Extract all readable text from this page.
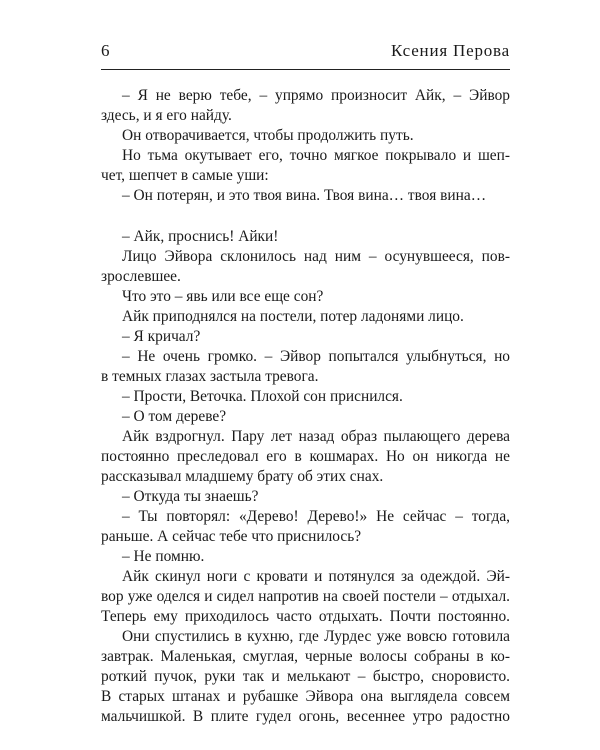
6	Ксения Перова
– Я не верю тебе, – упрямо произносит Айк, – Эйвор
здесь, и я его найду.
Он отворачивается, чтобы продолжить путь.
Но тьма окутывает его, точно мягкое покрывало и шеп-
чет, шепчет в самые уши:
– Он потерян, и это твоя вина. Твоя вина… твоя вина…
– Айк, проснись! Айки!
Лицо Эйвора склонилось над ним – осунувшееся, пов-
зрослевшее.
Что это – явь или все еще сон?
Айк приподнялся на постели, потер ладонями лицо.
– Я кричал?
– Не очень громко. – Эйвор попытался улыбнуться, но
в темных глазах застыла тревога.
– Прости, Веточка. Плохой сон приснился.
– О том дереве?
Айк вздрогнул. Пару лет назад образ пылающего дерева
постоянно преследовал его в кошмарах. Но он никогда не
рассказывал младшему брату об этих снах.
– Откуда ты знаешь?
– Ты повторял: «Дерево! Дерево!» Не сейчас – тогда,
раньше. А сейчас тебе что приснилось?
– Не помню.
Айк скинул ноги с кровати и потянулся за одеждой. Эй-
вор уже оделся и сидел напротив на своей постели – отдыхал.
Теперь ему приходилось часто отдыхать. Почти постоянно.
Они спустились в кухню, где Лурдес уже вовсю готовила
завтрак. Маленькая, смуглая, черные волосы собраны в ко-
роткий пучок, руки так и мелькают – быстро, сноровисто.
В старых штанах и рубашке Эйвора она выглядела совсем
мальчишкой. В плите гудел огонь, весеннее утро радостно
